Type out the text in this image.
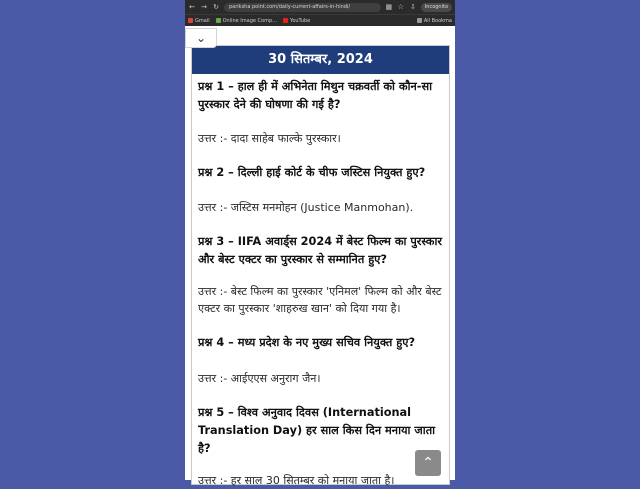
← → ↻	pariksha point.com/daily-current-affairs-in-hindi/	▦ ☆ ⇩	Incognito
Gmail	Online Image Comp...	YouTube	All Bookma
30 सितम्बर, 2024

प्रश्न 1 – हाल ही में अभिनेता मिथुन चक्रवर्ती को कौन-सा पुरस्कार देने की घोषणा की गई है?

उत्तर :- दादा साहेब फाल्के पुरस्कार।

प्रश्न 2 – दिल्ली हाई कोर्ट के चीफ जस्टिस नियुक्त हुए?

उत्तर :- जस्टिस मनमोहन (Justice Manmohan).

प्रश्न 3 – IIFA अवार्ड्स 2024 में बेस्ट फिल्म का पुरस्कार और बेस्ट एक्टर का पुरस्कार से सम्मानित हुए?

उत्तर :- बेस्ट फिल्म का पुरस्कार 'एनिमल' फिल्म को और बेस्ट एक्टर का पुरस्कार 'शाहरुख खान' को दिया गया है।

प्रश्न 4 – मध्य प्रदेश के नए मुख्य सचिव नियुक्त हुए?

उत्तर :- आईएएस अनुराग जैन।

प्रश्न 5 – विश्व अनुवाद दिवस (International Translation Day) हर साल किस दिन मनाया जाता है?

उत्तर :- हर साल 30 सितम्बर को मनाया जाता है।

⌄
⌃
